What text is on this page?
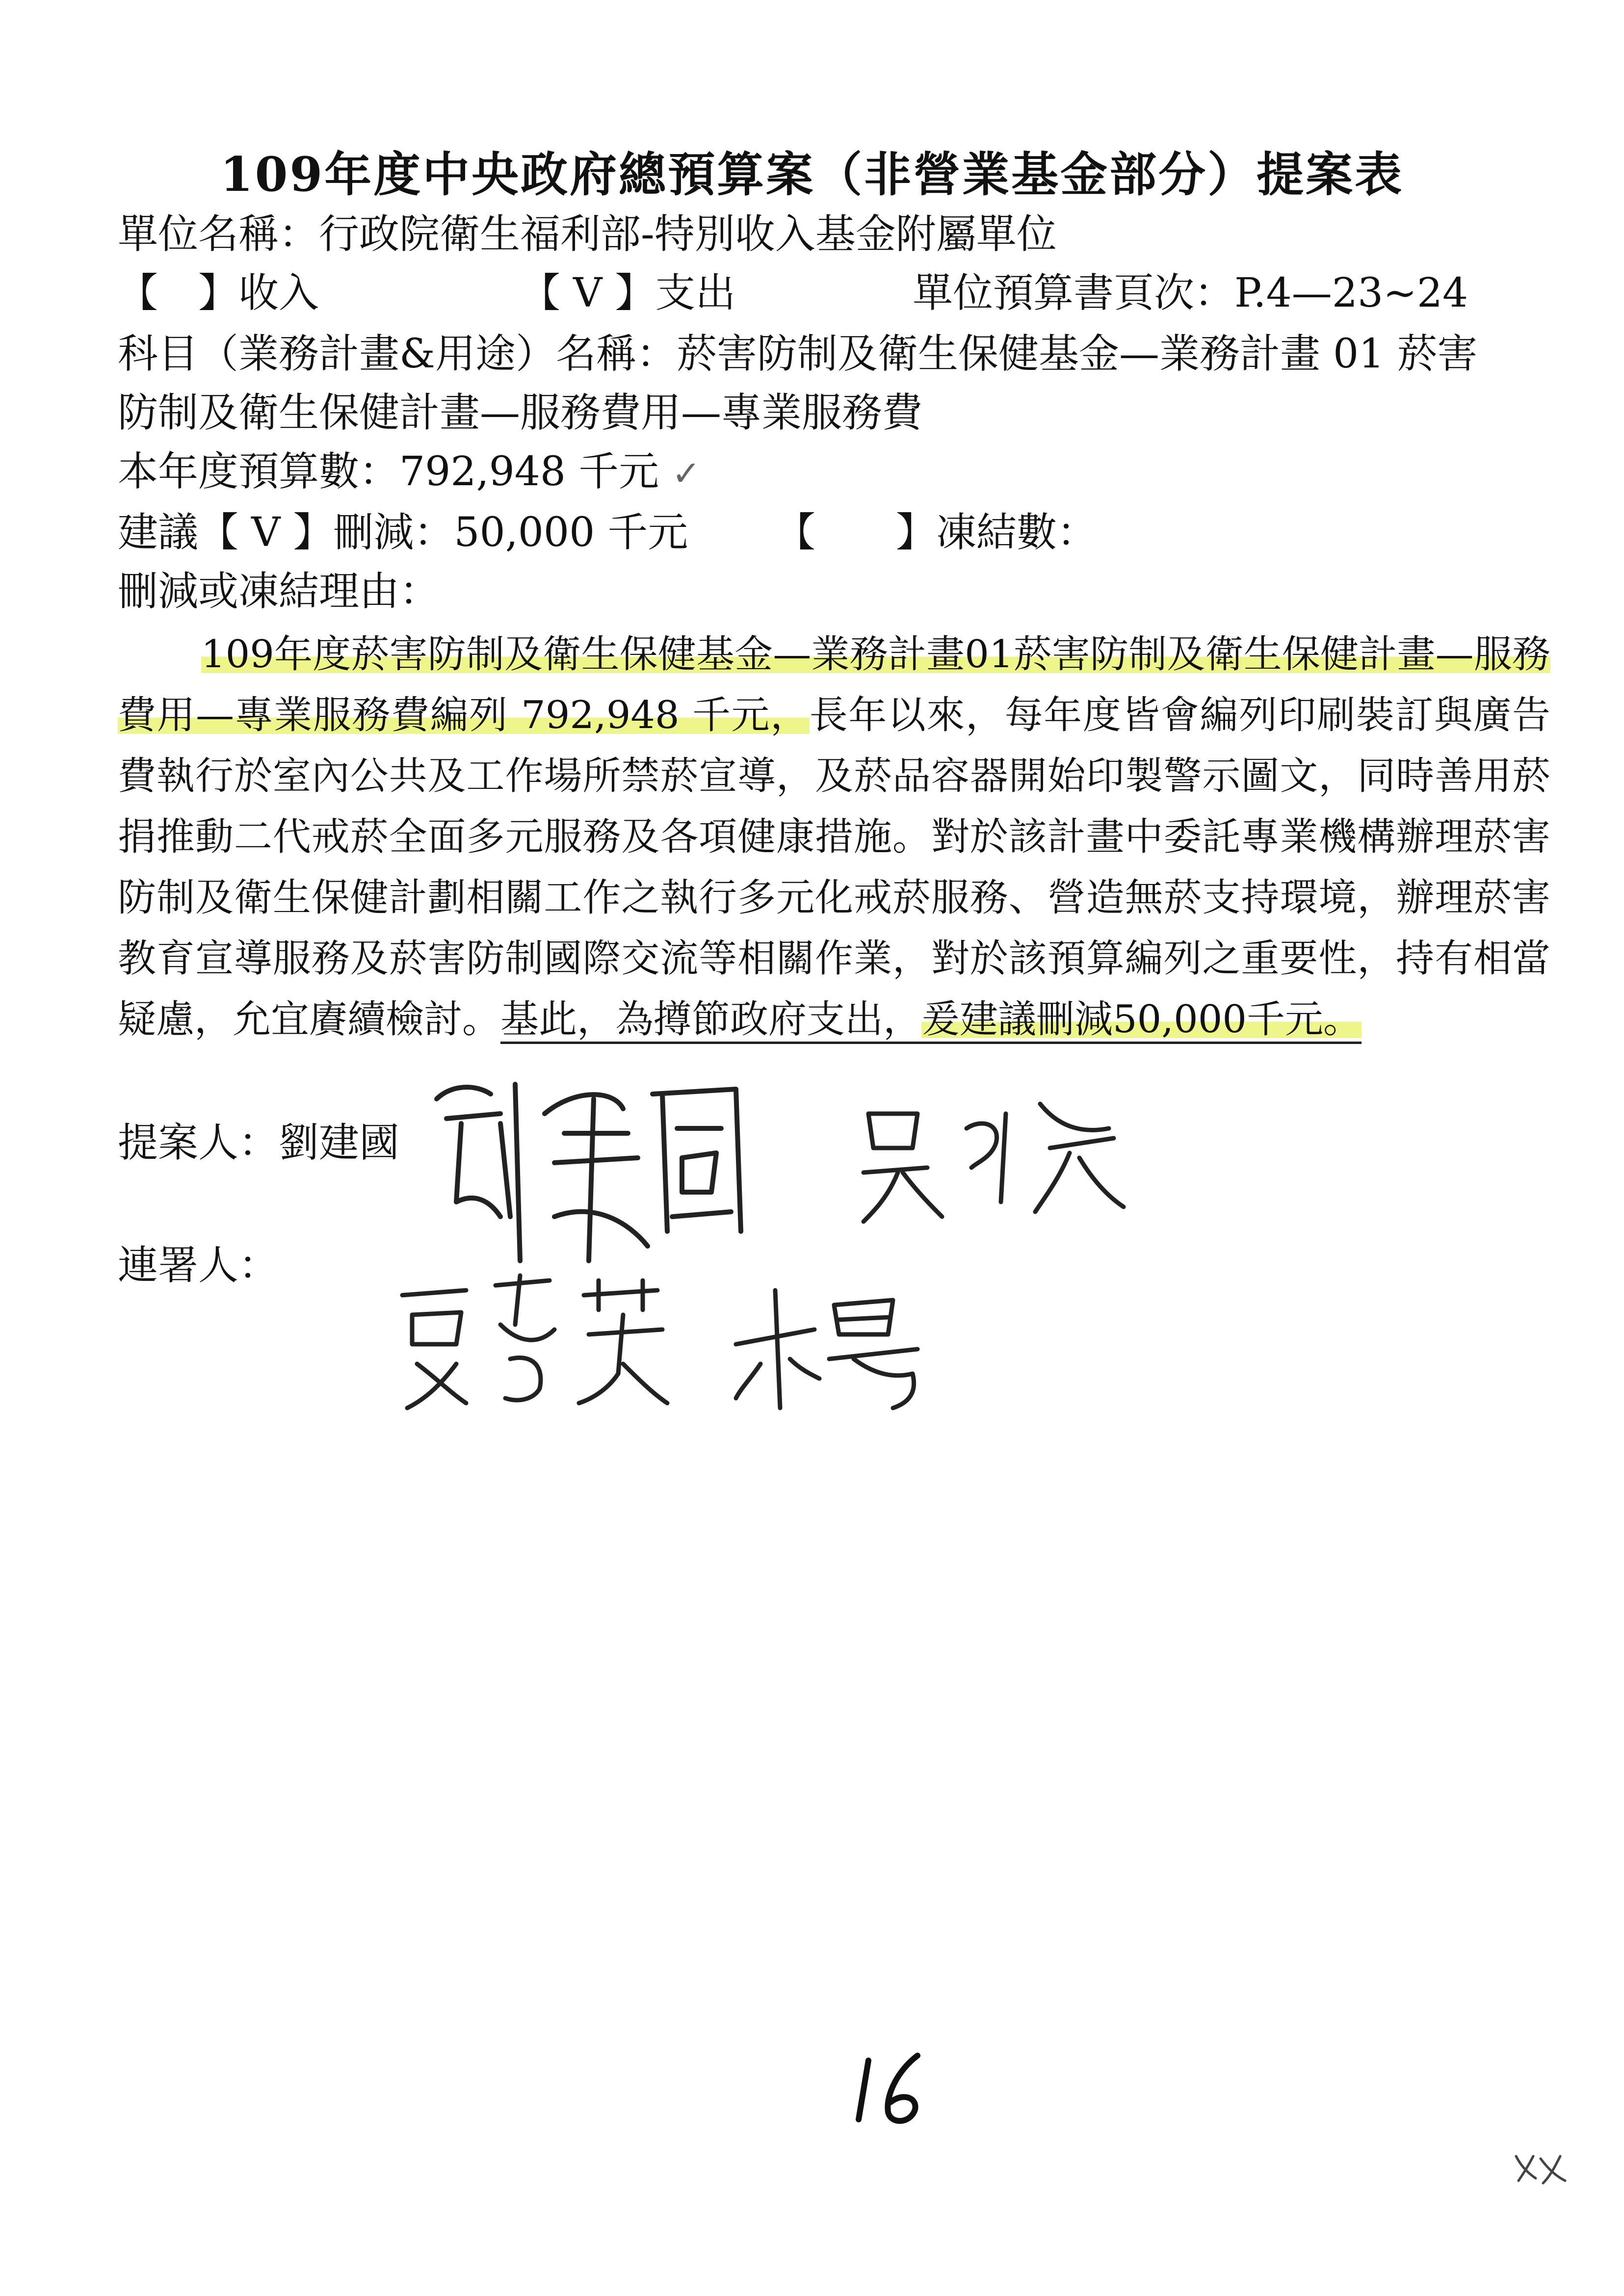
109年度中央政府總預算案（非營業基金部分）提案表
單位名稱：行政院衛生福利部-特別收入基金附屬單位
【　】收入	【 V 】支出	單位預算書頁次：P.4—23~24
科目（業務計畫&用途）名稱：菸害防制及衛生保健基金—業務計畫 01 菸害
防制及衛生保健計畫—服務費用—專業服務費
本年度預算數：792,948 千元 ✓
建議【 V 】刪減：50,000 千元 【　　】凍結數：
刪減或凍結理由：
109年度菸害防制及衛生保健基金—業務計畫01菸害防制及衛生保健計畫—服務費用—專業服務費編列 792,948 千元，長年以來，每年度皆會編列印刷裝訂與廣告費執行於室內公共及工作場所禁菸宣導，及菸品容器開始印製警示圖文，同時善用菸捐推動二代戒菸全面多元服務及各項健康措施。對於該計畫中委託專業機構辦理菸害防制及衛生保健計劃相關工作之執行多元化戒菸服務、營造無菸支持環境，辦理菸害教育宣導服務及菸害防制國際交流等相關作業，對於該預算編列之重要性，持有相當疑慮，允宜賡續檢討。基此，為撙節政府支出，爰建議刪減50,000千元。
提案人：劉建國
連署人：
